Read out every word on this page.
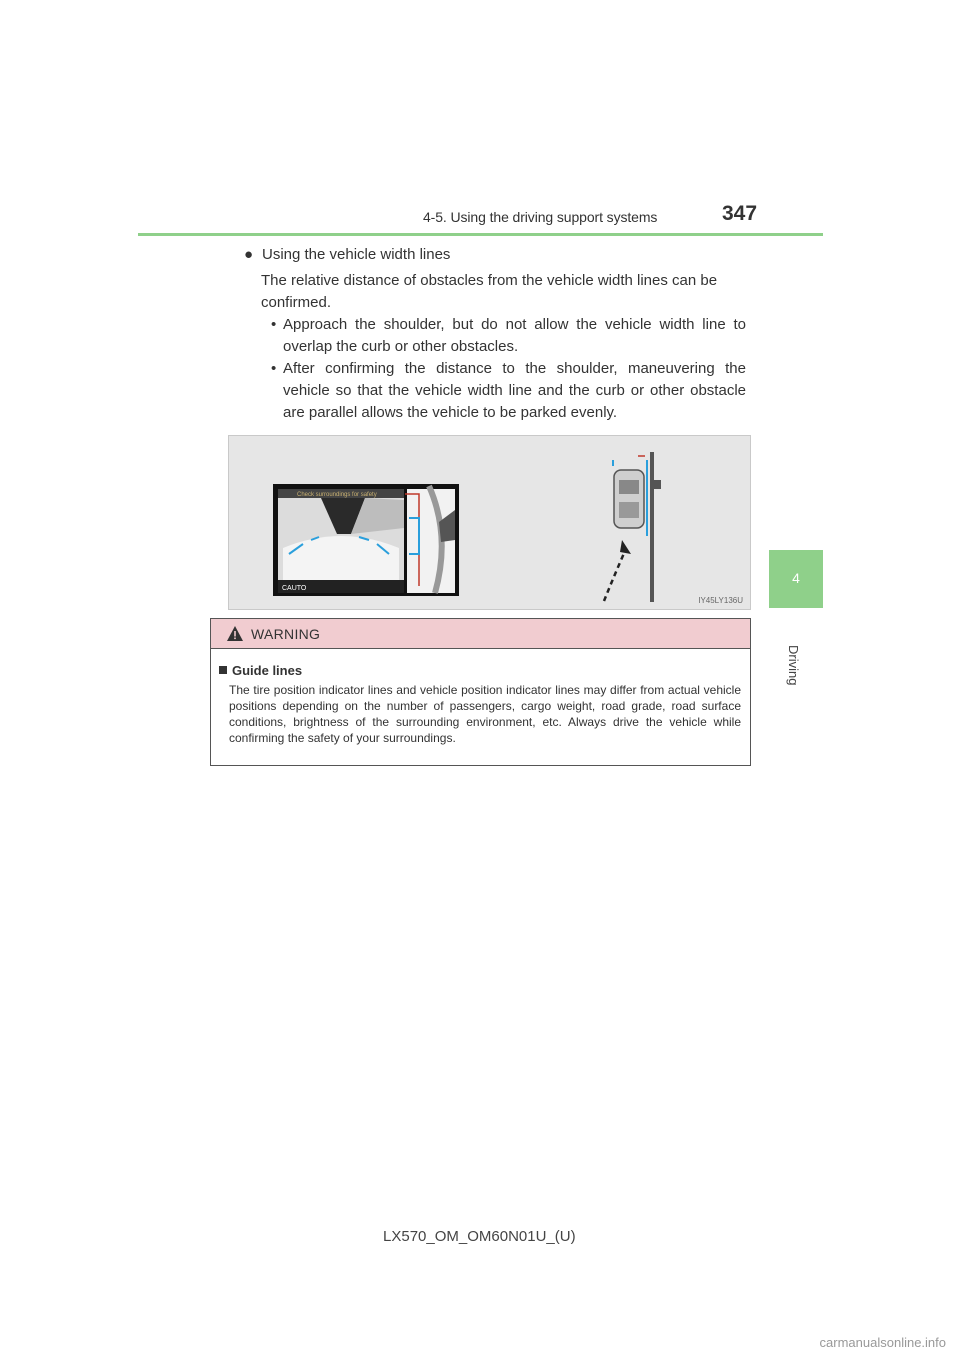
4-5. Using the driving support systems	347
4
Driving
● Using the vehicle width lines
The relative distance of obstacles from the vehicle width lines can be confirmed.
• Approach the shoulder, but do not allow the vehicle width line to overlap the curb or other obstacles.
• After confirming the distance to the shoulder, maneuvering the vehicle so that the vehicle width line and the curb or other obstacle are parallel allows the vehicle to be parked evenly.
Check surroundings for safety
CAUTO
IY45LY136U
WARNING
Guide lines
The tire position indicator lines and vehicle position indicator lines may differ from actual vehicle positions depending on the number of passengers, cargo weight, road grade, road surface conditions, brightness of the surrounding environment, etc. Always drive the vehicle while confirming the safety of your surroundings.
LX570_OM_OM60N01U_(U)
carmanualsonline.info
